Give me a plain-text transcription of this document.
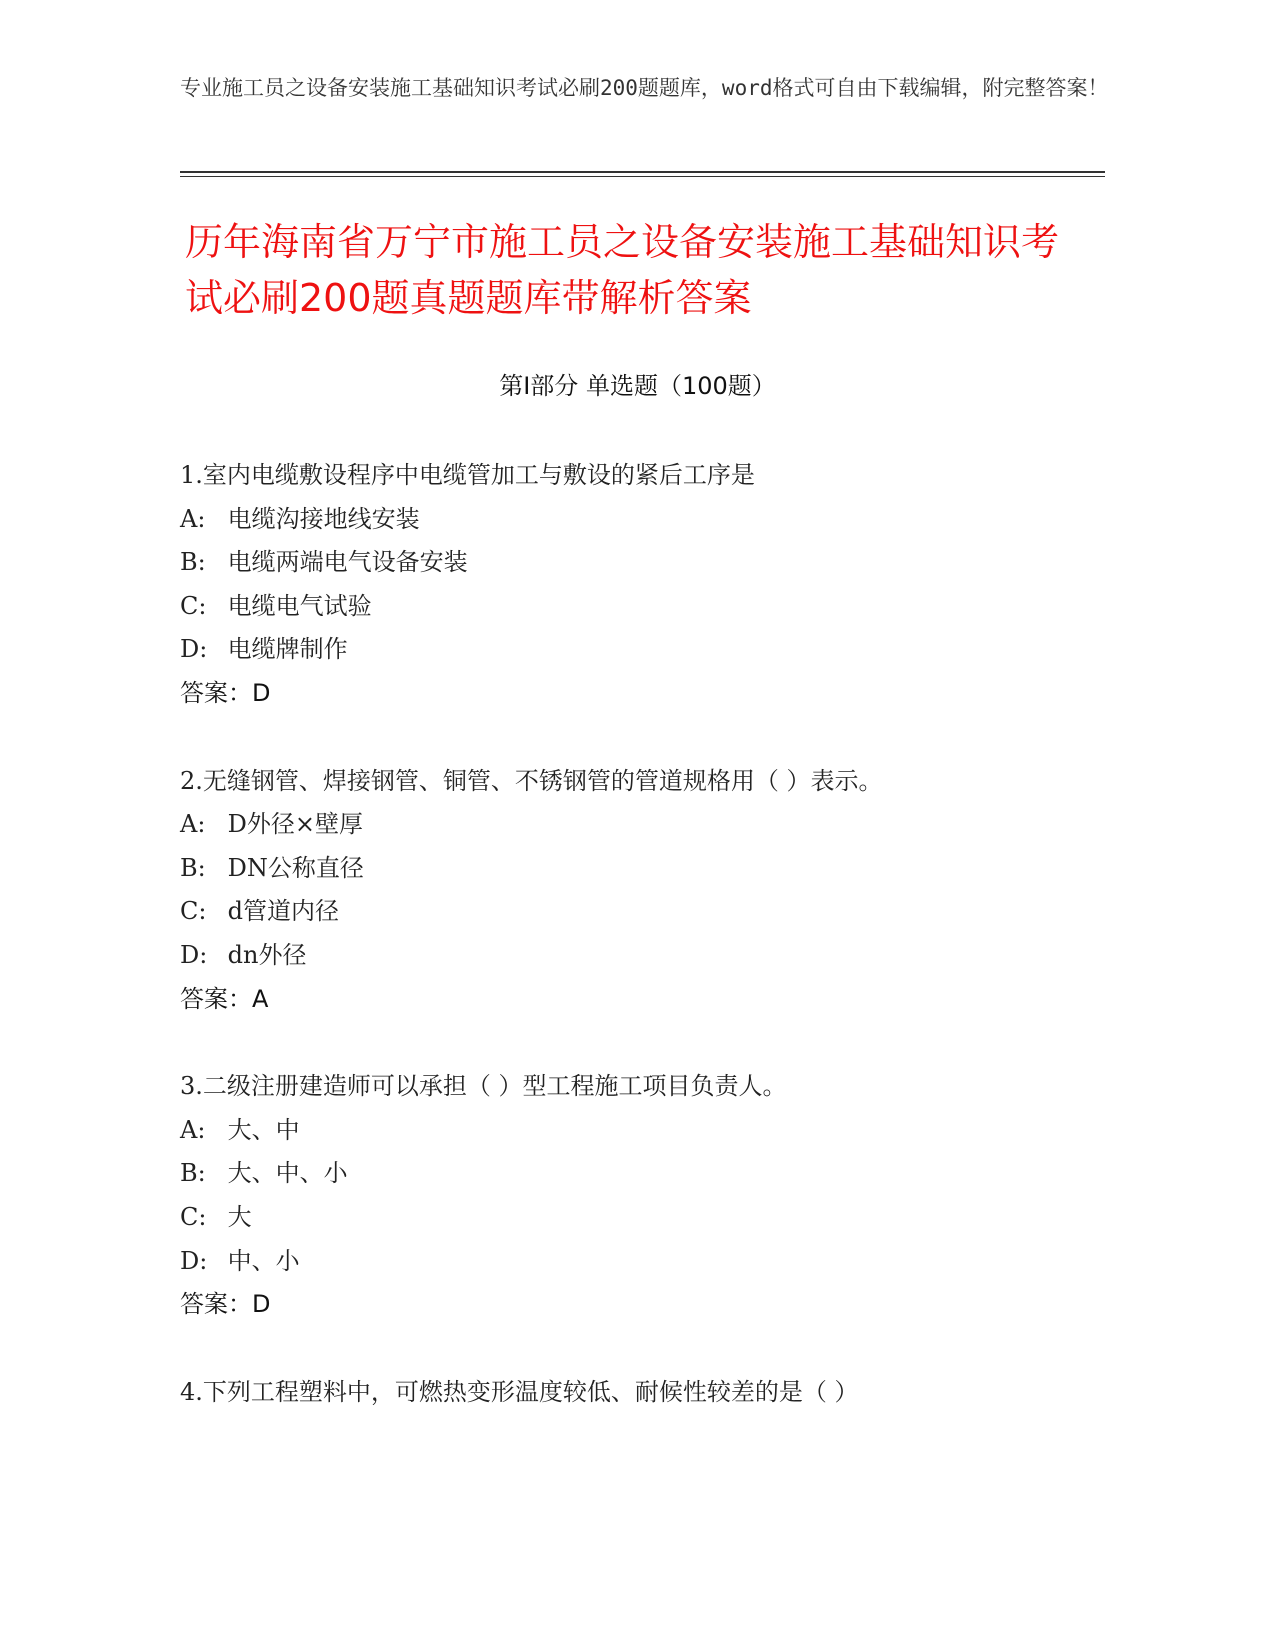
专业施工员之设备安装施工基础知识考试必刷200题题库，word格式可自由下载编辑，附完整答案！
历年海南省万宁市施工员之设备安装施工基础知识考试必刷200题真题题库带解析答案
第Ⅰ部分 单选题（100题）
1.室内电缆敷设程序中电缆管加工与敷设的紧后工序是
A: 电缆沟接地线安装
B: 电缆两端电气设备安装
C: 电缆电气试验
D: 电缆牌制作
答案：D
2.无缝钢管、焊接钢管、铜管、不锈钢管的管道规格用（ ）表示。
A: D外径×壁厚
B: DN公称直径
C: d管道内径
D: dn外径
答案：A
3.二级注册建造师可以承担（ ）型工程施工项目负责人。
A: 大、中
B: 大、中、小
C: 大
D: 中、小
答案：D
4.下列工程塑料中，可燃热变形温度较低、耐候性较差的是（ ）
